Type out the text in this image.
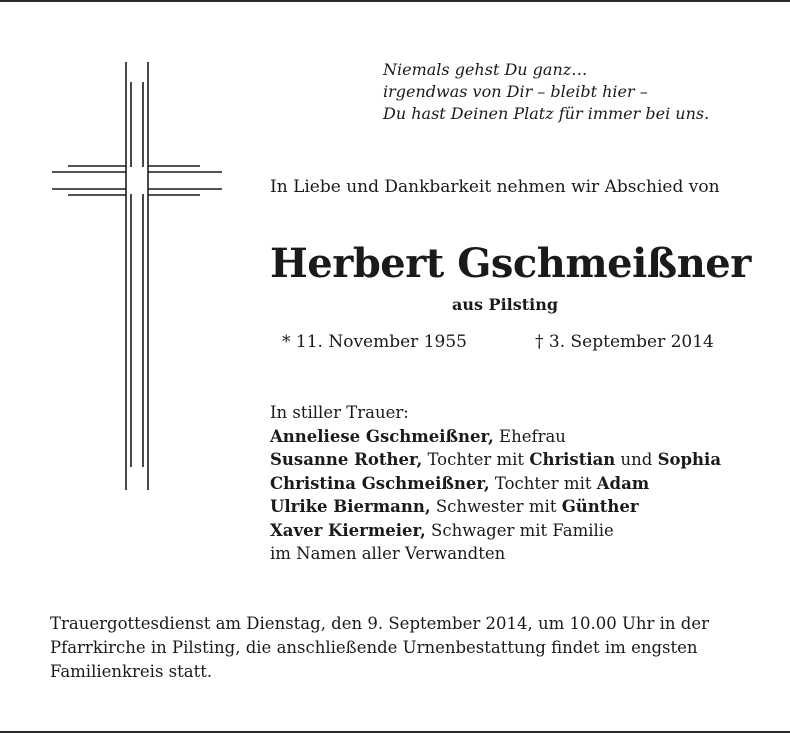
Niemals gehst Du ganz…
irgendwas von Dir – bleibt hier –
Du hast Deinen Platz für immer bei uns.
In Liebe und Dankbarkeit nehmen wir Abschied von
Herbert Gschmeißner
aus Pilsting
* 11. November 1955	† 3. September 2014
In stiller Trauer:
Anneliese Gschmeißner, Ehefrau
Susanne Rother, Tochter mit Christian und Sophia
Christina Gschmeißner, Tochter mit Adam
Ulrike Biermann, Schwester mit Günther
Xaver Kiermeier, Schwager mit Familie
im Namen aller Verwandten
Trauergottesdienst am Dienstag, den 9. September 2014, um 10.00 Uhr in der Pfarrkirche in Pilsting, die anschließende Urnenbestattung findet im engsten Familienkreis statt.
